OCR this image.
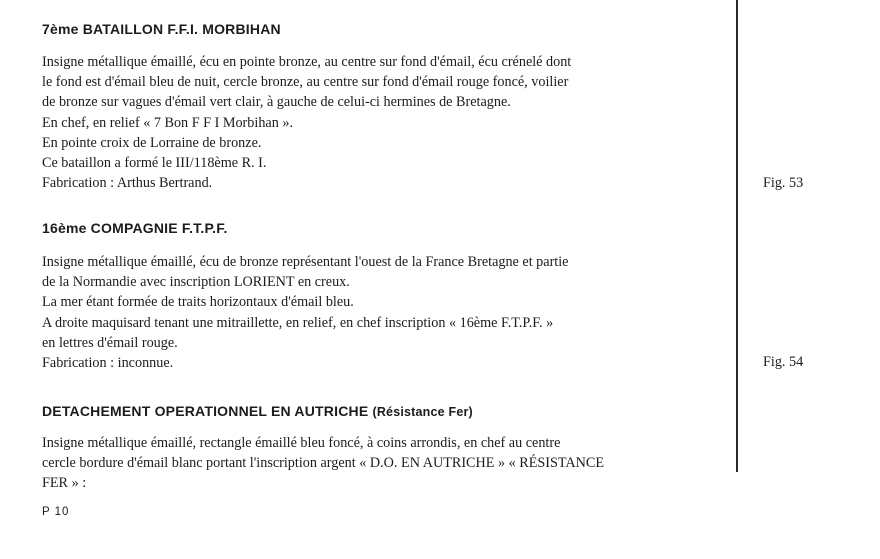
7ème BATAILLON F.F.I. MORBIHAN
Insigne métallique émaillé, écu en pointe bronze, au centre sur fond d'émail, écu crénelé dont
le fond est d'émail bleu de nuit, cercle bronze, au centre sur fond d'émail rouge foncé, voilier
de bronze sur vagues d'émail vert clair, à gauche de celui-ci hermines de Bretagne.
En chef, en relief « 7 Bon F F I Morbihan ».
En pointe croix de Lorraine de bronze.
Ce bataillon a formé le III/118ème R. I.
Fabrication : Arthus Bertrand.	Fig. 53
16ème COMPAGNIE F.T.P.F.
Insigne métallique émaillé, écu de bronze représentant l'ouest de la France Bretagne et partie
de la Normandie avec inscription LORIENT en creux.
La mer étant formée de traits horizontaux d'émail bleu.
A droite maquisard tenant une mitraillette, en relief, en chef inscription « 16ème F.T.P.F. »
en lettres d'émail rouge.
Fabrication : inconnue.	Fig. 54
DETACHEMENT OPERATIONNEL EN AUTRICHE (Résistance Fer)
Insigne métallique émaillé, rectangle émaillé bleu foncé, à coins arrondis, en chef au centre
cercle bordure d'émail blanc portant l'inscription argent « D.O. EN AUTRICHE » « RÉSISTANCE
FER » :
P 10
